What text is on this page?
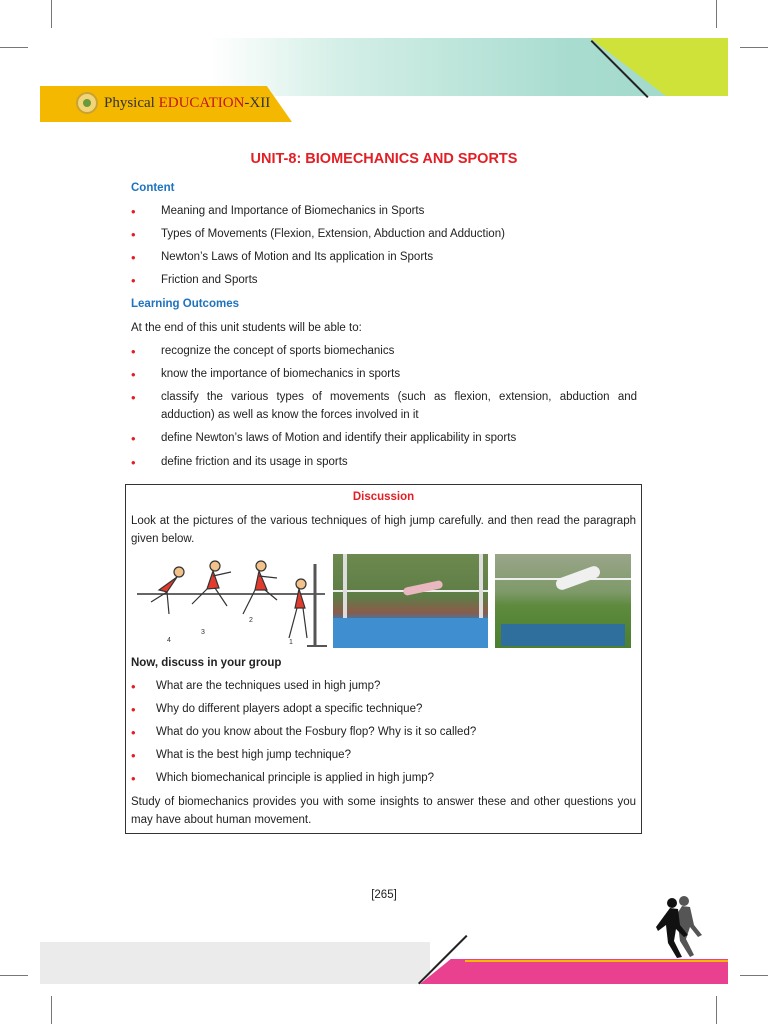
Physical EDUCATION-XII
UNIT-8: BIOMECHANICS AND SPORTS
Content
• Meaning and Importance of Biomechanics in Sports
• Types of Movements (Flexion, Extension, Abduction and Adduction)
• Newton’s Laws of Motion and Its application in Sports
• Friction and Sports
Learning Outcomes
At the end of this unit students will be able to:
• recognize the concept of sports biomechanics
• know the importance of biomechanics in sports
• classify the various types of movements (such as flexion, extension, abduction and adduction) as well as know the forces involved in it
• define Newton’s laws of Motion and identify their applicability in sports
• define friction and its usage in sports
Discussion
Look at the pictures of the various techniques of high jump carefully. and then read the paragraph given below.
4
3
2
1
Now, discuss in your group
• What are the techniques used in high jump?
• Why do different players adopt a specific technique?
• What do you know about the Fosbury flop? Why is it so called?
• What is the best high jump technique?
• Which biomechanical principle is applied in high jump?
Study of biomechanics provides you with some insights to answer these and other questions you may have about human movement.
[265]
